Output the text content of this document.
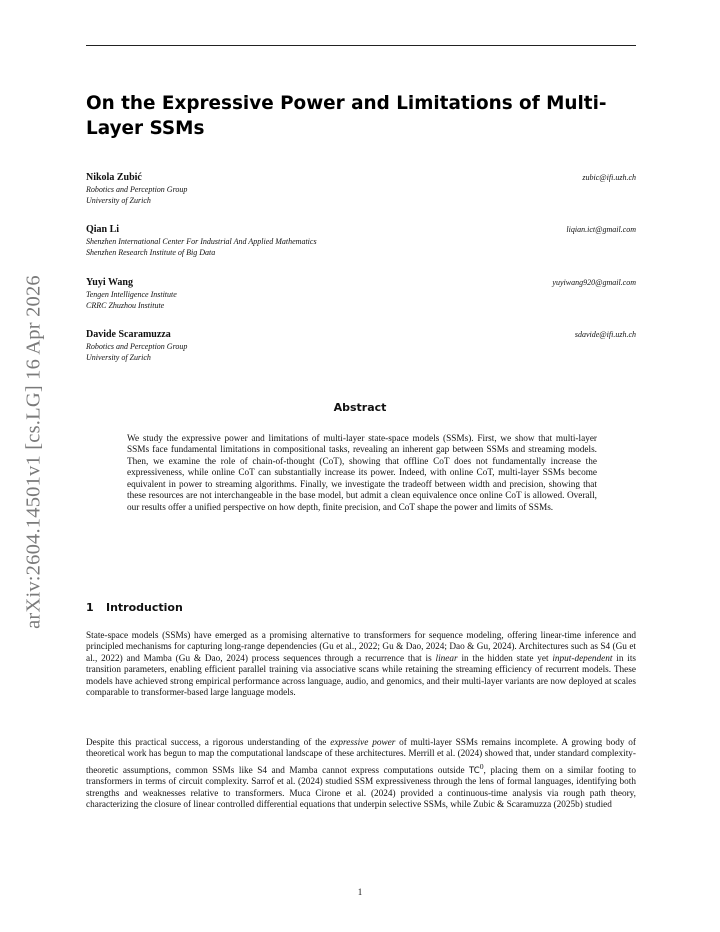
arXiv:2604.14501v1 [cs.LG] 16 Apr 2026
On the Expressive Power and Limitations of Multi-Layer SSMs
Nikola Zubić	zubic@ifi.uzh.ch
Robotics and Perception Group
University of Zurich
Qian Li	liqian.ict@gmail.com
Shenzhen International Center For Industrial And Applied Mathematics
Shenzhen Research Institute of Big Data
Yuyi Wang	yuyiwang920@gmail.com
Tengen Intelligence Institute
CRRC Zhuzhou Institute
Davide Scaramuzza	sdavide@ifi.uzh.ch
Robotics and Perception Group
University of Zurich
Abstract
We study the expressive power and limitations of multi-layer state-space models (SSMs). First, we show that multi-layer SSMs face fundamental limitations in compositional tasks, revealing an inherent gap between SSMs and streaming models. Then, we examine the role of chain-of-thought (CoT), showing that offline CoT does not fundamentally increase the expressiveness, while online CoT can substantially increase its power. Indeed, with online CoT, multi-layer SSMs become equivalent in power to streaming algorithms. Finally, we investigate the tradeoff between width and precision, showing that these resources are not interchangeable in the base model, but admit a clean equivalence once online CoT is allowed. Overall, our results offer a unified perspective on how depth, finite precision, and CoT shape the power and limits of SSMs.
1 Introduction
State-space models (SSMs) have emerged as a promising alternative to transformers for sequence modeling, offering linear-time inference and principled mechanisms for capturing long-range dependencies (Gu et al., 2022; Gu & Dao, 2024; Dao & Gu, 2024). Architectures such as S4 (Gu et al., 2022) and Mamba (Gu & Dao, 2024) process sequences through a recurrence that is linear in the hidden state yet input-dependent in its transition parameters, enabling efficient parallel training via associative scans while retaining the streaming efficiency of recurrent models. These models have achieved strong empirical performance across language, audio, and genomics, and their multi-layer variants are now deployed at scales comparable to transformer-based large language models.
Despite this practical success, a rigorous understanding of the expressive power of multi-layer SSMs remains incomplete. A growing body of theoretical work has begun to map the computational landscape of these architectures. Merrill et al. (2024) showed that, under standard complexity-theoretic assumptions, common SSMs like S4 and Mamba cannot express computations outside $TC^0$, placing them on a similar footing to transformers in terms of circuit complexity. Sarrof et al. (2024) studied SSM expressiveness through the lens of formal languages, identifying both strengths and weaknesses relative to transformers. Muca Cirone et al. (2024) provided a continuous-time analysis via rough path theory, characterizing the closure of linear controlled differential equations that underpin selective SSMs, while Zubic & Scaramuzza (2025b) studied
1
